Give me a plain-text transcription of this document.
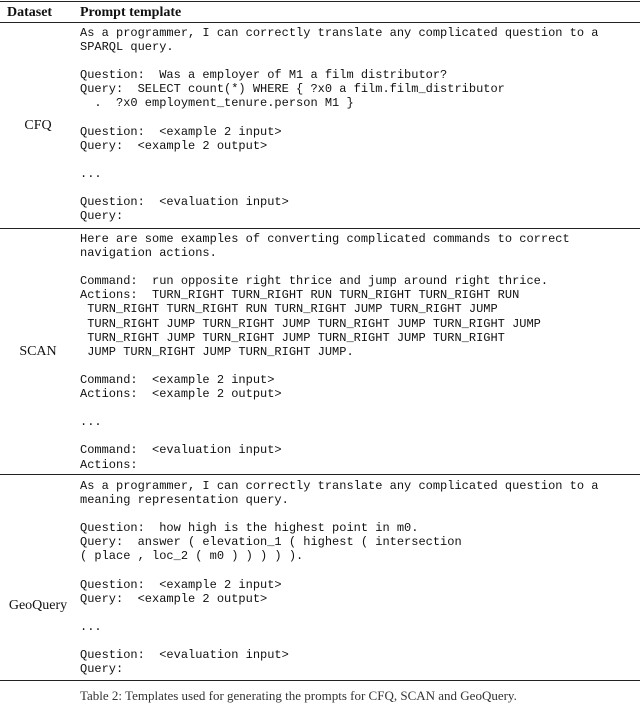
Dataset Prompt template
CFQ
As a programmer, I can correctly translate any complicated question to a
SPARQL query.

Question:  Was a employer of M1 a film distributor?
Query:  SELECT count(*) WHERE { ?x0 a film.film_distributor
.  ?x0 employment_tenure.person M1 }

Question:  <example 2 input>
Query:  <example 2 output>

...

Question:  <evaluation input>
Query:
SCAN
Here are some examples of converting complicated commands to correct
navigation actions.

Command:  run opposite right thrice and jump around right thrice.
Actions:  TURN_RIGHT TURN_RIGHT RUN TURN_RIGHT TURN_RIGHT RUN
TURN_RIGHT TURN_RIGHT RUN TURN_RIGHT JUMP TURN_RIGHT JUMP
TURN_RIGHT JUMP TURN_RIGHT JUMP TURN_RIGHT JUMP TURN_RIGHT JUMP
TURN_RIGHT JUMP TURN_RIGHT JUMP TURN_RIGHT JUMP TURN_RIGHT
JUMP TURN_RIGHT JUMP TURN_RIGHT JUMP.

Command:  <example 2 input>
Actions:  <example 2 output>

...

Command:  <evaluation input>
Actions:
GeoQuery
As a programmer, I can correctly translate any complicated question to a
meaning representation query.

Question:  how high is the highest point in m0.
Query:  answer ( elevation_1 ( highest ( intersection
( place , loc_2 ( m0 ) ) ) ) ).

Question:  <example 2 input>
Query:  <example 2 output>

...

Question:  <evaluation input>
Query:
Table 2: Templates used for generating the prompts for CFQ, SCAN and GeoQuery.
